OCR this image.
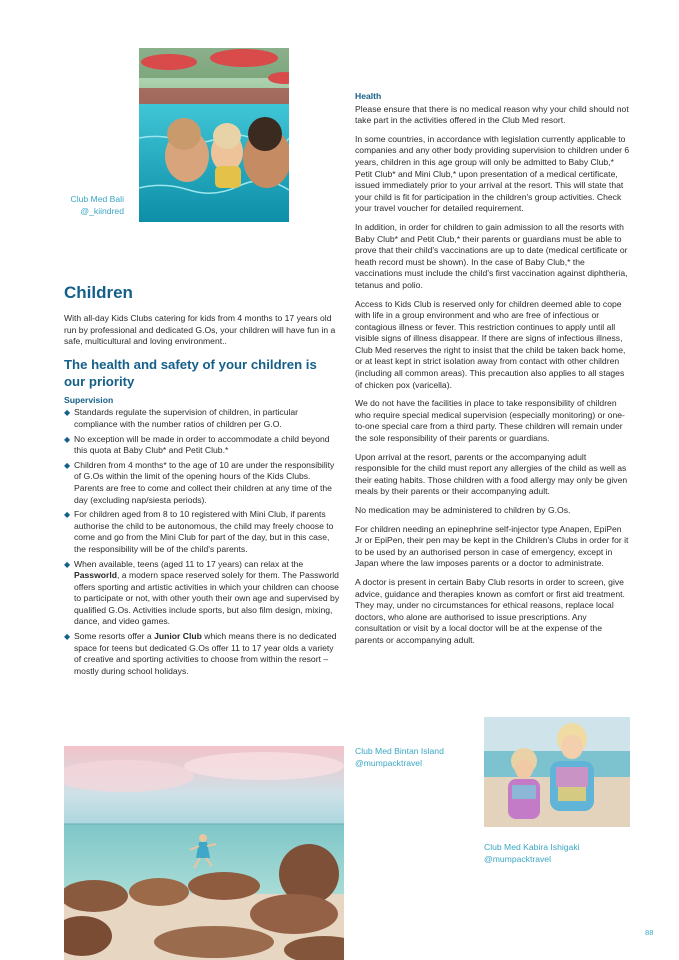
Club Med Bali
@_kiindred
Children

With all-day Kids Clubs catering for kids from 4 months to 17 years old run by professional and dedicated G.Os, your children will have fun in a safe, multicultural and loving environment..

The health and safety of your children is our priority

Supervision

◆ Standards regulate the supervision of children, in particular compliance with the number ratios of children per G.O.
◆ No exception will be made in order to accommodate a child beyond this quota at Baby Club* and Petit Club.*
◆ Children from 4 months* to the age of 10 are under the responsibility of G.Os within the limit of the opening hours of the Kids Clubs. Parents are free to come and collect their children at any time of the day (excluding nap/siesta periods).
◆ For children aged from 8 to 10 registered with Mini Club, if parents authorise the child to be autonomous, the child may freely choose to come and go from the Mini Club for part of the day, but in this case, the responsibility will be of the child's parents.
◆ When available, teens (aged 11 to 17 years) can relax at the Passworld, a modern space reserved solely for them. The Passworld offers sporting and artistic activities in which your children can choose to participate or not, with other youth their own age and supervised by qualified G.Os. Activities include sports, but also film design, mixing, dance, and video games.
◆ Some resorts offer a Junior Club which means there is no dedicated space for teens but dedicated G.Os offer 11 to 17 year olds a variety of creative and sporting activities to choose from within the resort – mostly during school holidays.

Health

Please ensure that there is no medical reason why your child should not take part in the activities offered in the Club Med resort.

In some countries, in accordance with legislation currently applicable to companies and any other body providing supervision to children under 6 years, children in this age group will only be admitted to Baby Club,* Petit Club* and Mini Club,* upon presentation of a medical certificate, issued immediately prior to your arrival at the resort. This will state that your child is fit for participation in the children's group activities. Check your travel voucher for detailed requirement.

In addition, in order for children to gain admission to all the resorts with Baby Club* and Petit Club,* their parents or guardians must be able to prove that their child's vaccinations are up to date (medical certificate or heath record must be shown). In the case of Baby Club,* the vaccinations must include the child's first vaccination against diphtheria, tetanus and polio.

Access to Kids Club is reserved only for children deemed able to cope with life in a group environment and who are free of infectious or contagious illness or fever. This restriction continues to apply until all visible signs of illness disappear. If there are signs of infectious illness, Club Med reserves the right to insist that the child be taken back home, or at least kept in strict isolation away from contact with other children (including all common areas). This precaution also applies to all stages of chicken pox (varicella).

We do not have the facilities in place to take responsibility of children who require special medical supervision (especially monitoring) or one-to-one special care from a third party. These children will remain under the sole responsibility of their parents or guardians.

Upon arrival at the resort, parents or the accompanying adult responsible for the child must report any allergies of the child as well as their eating habits. Those children with a food allergy may only be given meals by their parents or their accompanying adult.

No medication may be administered to children by G.Os.

For children needing an epinephrine self-injector type Anapen, EpiPen Jr or EpiPen, their pen may be kept in the Children's Clubs in order for it to be used by an authorised person in case of emergency, except in Japan where the law imposes parents or a doctor to administrate.

A doctor is present in certain Baby Club resorts in order to screen, give advice, guidance and therapies known as comfort or first aid treatment. They may, under no circumstances for ethical reasons, replace local doctors, who alone are authorised to issue prescriptions. Any consultation or visit by a local doctor will be at the expense of the parents or accompanying adult.

Club Med Bintan Island
@mumpacktravel
Club Med Kabira Ishigaki
@mumpacktravel
88
